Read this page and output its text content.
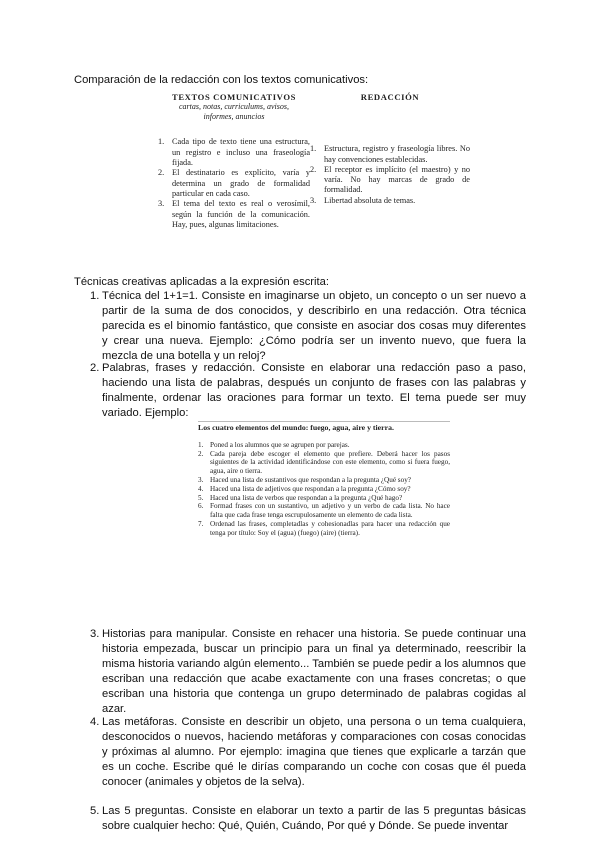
Comparación de la redacción con los textos comunicativos:
TEXTOS COMUNICATIVOS
cartas, notas, curriculums, avisos,
informes, anuncios
1. Cada tipo de texto tiene una estructura, un registro e incluso una fraseología fijada.
2. El destinatario es explícito, varía y determina un grado de formalidad particular en cada caso.
3. El tema del texto es real o verosímil, según la función de la comunicación. Hay, pues, algunas limitaciones.
REDACCIÓN
1. Estructura, registro y fraseología libres. No hay convenciones establecidas.
2. El receptor es implícito (el maestro) y no varía. No hay marcas de grado de formalidad.
3. Libertad absoluta de temas.
Técnicas creativas aplicadas a la expresión escrita:
1. Técnica del 1+1=1. Consiste en imaginarse un objeto, un concepto o un ser nuevo a partir de la suma de dos conocidos, y describirlo en una redacción. Otra técnica parecida es el binomio fantástico, que consiste en asociar dos cosas muy diferentes y crear una nueva. Ejemplo: ¿Cómo podría ser un invento nuevo, que fuera la mezcla de una botella y un reloj?
2. Palabras, frases y redacción. Consiste en elaborar una redacción paso a paso, haciendo una lista de palabras, después un conjunto de frases con las palabras y finalmente, ordenar las oraciones para formar un texto. El tema puede ser muy variado. Ejemplo:
3. Historias para manipular. Consiste en rehacer una historia. Se puede continuar una historia empezada, buscar un principio para un final ya determinado, reescribir la misma historia variando algún elemento... También se puede pedir a los alumnos que escriban una redacción que acabe exactamente con una frases concretas; o que escriban una historia que contenga un grupo determinado de palabras cogidas al azar.
4. Las metáforas. Consiste en describir un objeto, una persona o un tema cualquiera, desconocidos o nuevos, haciendo metáforas y comparaciones con cosas conocidas y próximas al alumno. Por ejemplo: imagina que tienes que explicarle a tarzán que es un coche. Escribe qué le dirías comparando un coche con cosas que él pueda conocer (animales y objetos de la selva).
5. Las 5 preguntas. Consiste en elaborar un texto a partir de las 5 preguntas básicas sobre cualquier hecho: Qué, Quién, Cuándo, Por qué y Dónde. Se puede inventar
Los cuatro elementos del mundo: fuego, agua, aire y tierra.
1. Poned a los alumnos que se agrupen por parejas.
2. Cada pareja debe escoger el elemento que prefiere. Deberá hacer los pasos siguientes de la actividad identificándose con este elemento, como si fuera fuego, agua, aire o tierra.
3. Haced una lista de sustantivos que respondan a la pregunta ¿Qué soy?
4. Haced una lista de adjetivos que respondan a la pregunta ¿Cómo soy?
5. Haced una lista de verbos que respondan a la pregunta ¿Qué hago?
6. Formad frases con un sustantivo, un adjetivo y un verbo de cada lista. No hace falta que cada frase tenga escrupulosamente un elemento de cada lista.
7. Ordenad las frases, completadlas y cohesionadlas para hacer una redacción que tenga por título: Soy el (agua) (fuego) (aire) (tierra).
